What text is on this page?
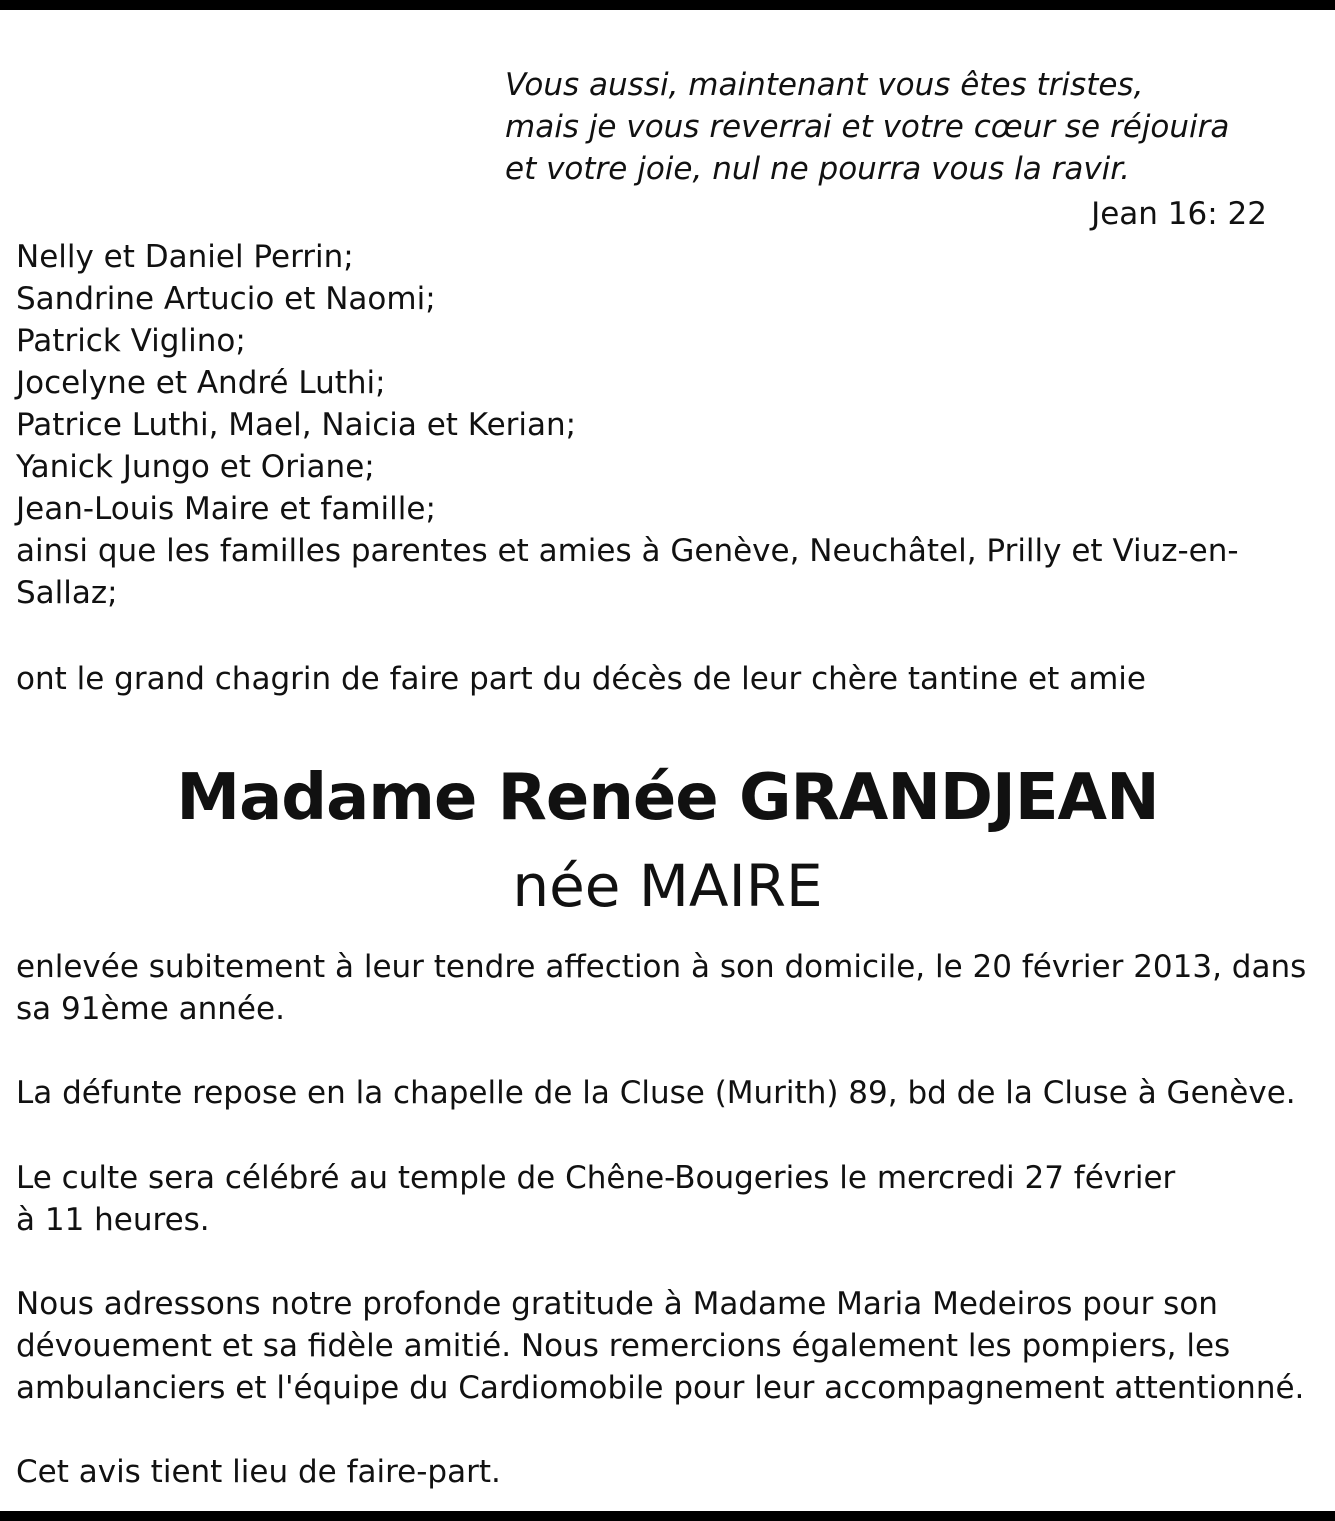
Vous aussi, maintenant vous êtes tristes,
mais je vous reverrai et votre cœur se réjouira
et votre joie, nul ne pourra vous la ravir.
Jean 16: 22
Nelly et Daniel Perrin;
Sandrine Artucio et Naomi;
Patrick Viglino;
Jocelyne et André Luthi;
Patrice Luthi, Mael, Naicia et Kerian;
Yanick Jungo et Oriane;
Jean-Louis Maire et famille;
ainsi que les familles parentes et amies à Genève, Neuchâtel, Prilly et Viuz-en-
Sallaz;
ont le grand chagrin de faire part du décès de leur chère tantine et amie
Madame Renée GRANDJEAN
née MAIRE
enlevée subitement à leur tendre affection à son domicile, le 20 février 2013, dans
sa 91ème année.
La défunte repose en la chapelle de la Cluse (Murith) 89, bd de la Cluse à Genève.
Le culte sera célébré au temple de Chêne-Bougeries le mercredi 27 février
à 11 heures.
Nous adressons notre profonde gratitude à Madame Maria Medeiros pour son
dévouement et sa fidèle amitié. Nous remercions également les pompiers, les
ambulanciers et l'équipe du Cardiomobile pour leur accompagnement attentionné.
Cet avis tient lieu de faire-part.
